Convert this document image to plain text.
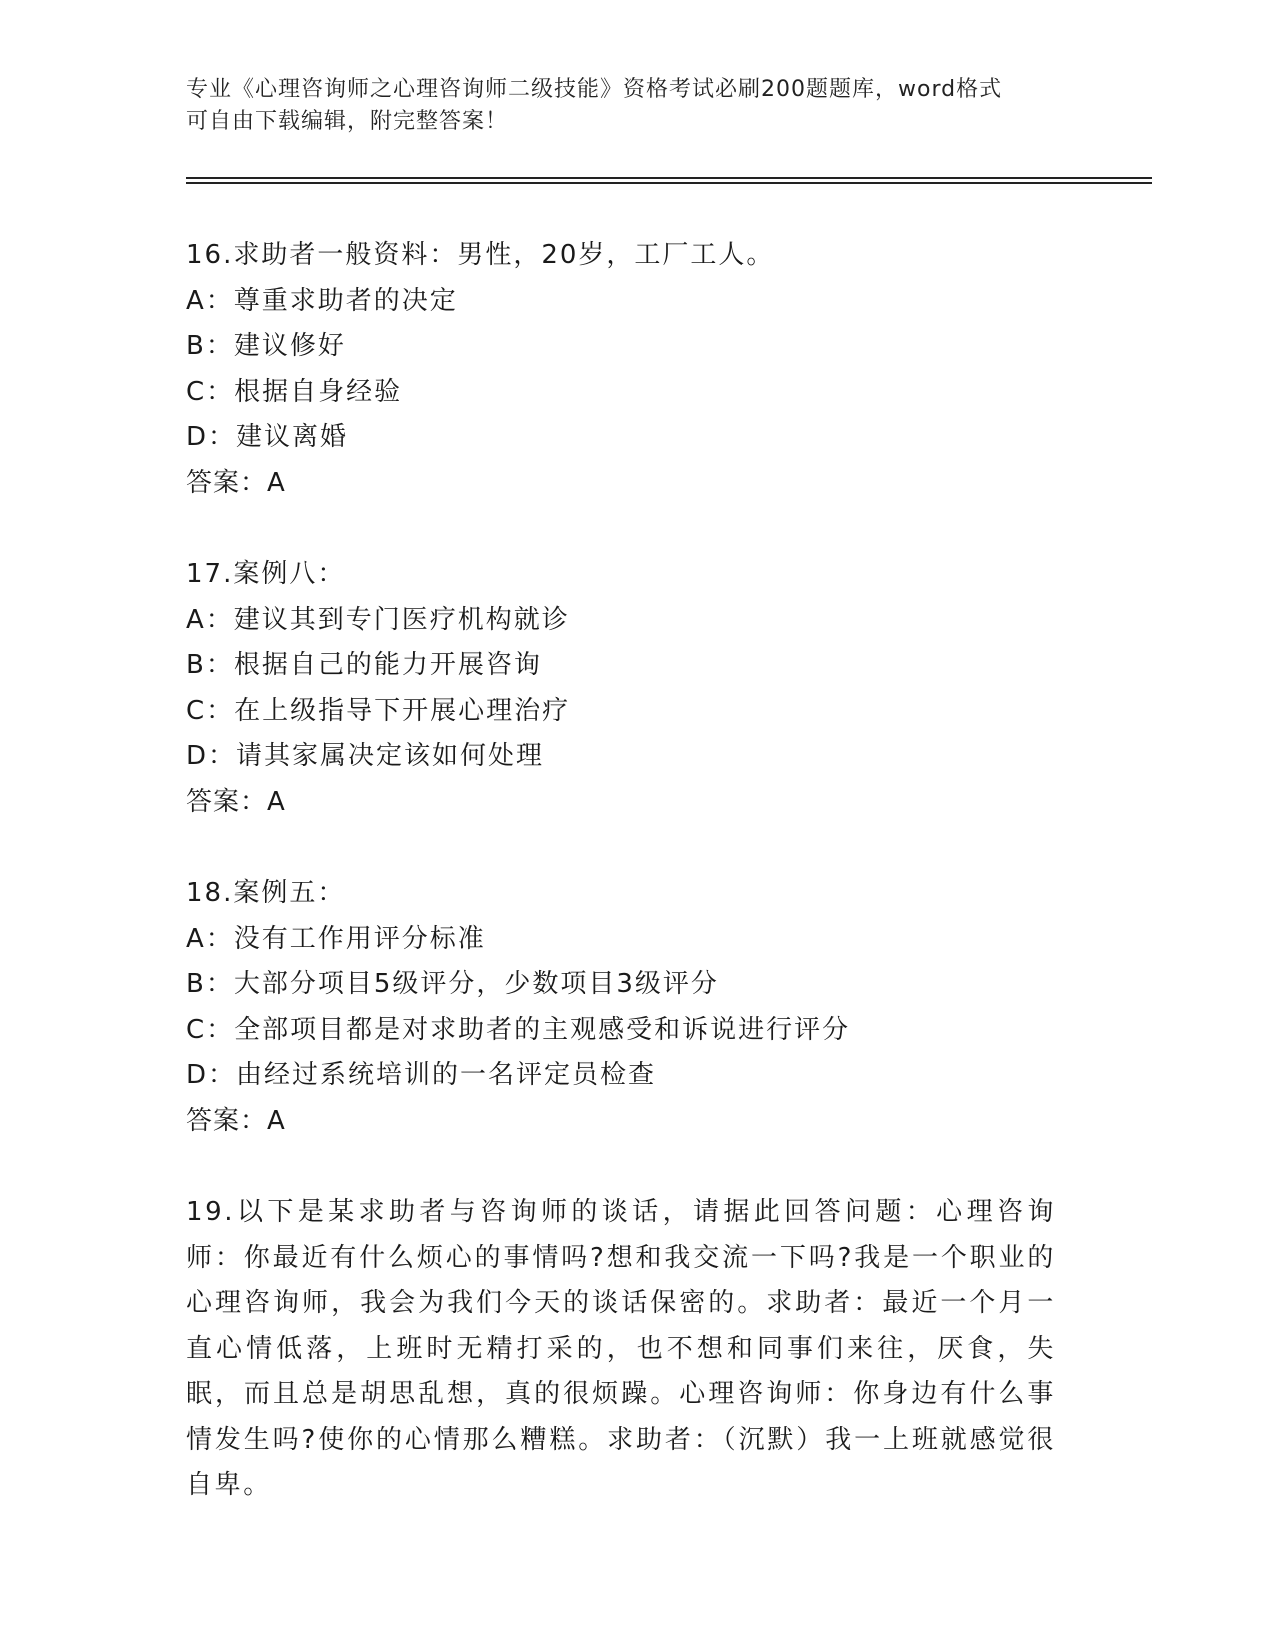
专业《心理咨询师之心理咨询师二级技能》资格考试必刷200题题库，word格式
可自由下载编辑，附完整答案！
16.求助者一般资料：男性，20岁，工厂工人。
A：尊重求助者的决定
B：建议修好
C：根据自身经验
D：建议离婚
答案：A
17.案例八：
A：建议其到专门医疗机构就诊
B：根据自己的能力开展咨询
C：在上级指导下开展心理治疗
D：请其家属决定该如何处理
答案：A
18.案例五：
A：没有工作用评分标准
B：大部分项目5级评分，少数项目3级评分
C：全部项目都是对求助者的主观感受和诉说进行评分
D：由经过系统培训的一名评定员检查
答案：A
19.以下是某求助者与咨询师的谈话，请据此回答问题：心理咨询师：你最近有什么烦心的事情吗?想和我交流一下吗?我是一个职业的心理咨询师，我会为我们今天的谈话保密的。求助者：最近一个月一直心情低落，上班时无精打采的，也不想和同事们来往，厌食，失眠，而且总是胡思乱想，真的很烦躁。心理咨询师：你身边有什么事情发生吗?使你的心情那么糟糕。求助者：（沉默）我一上班就感觉很自卑。
